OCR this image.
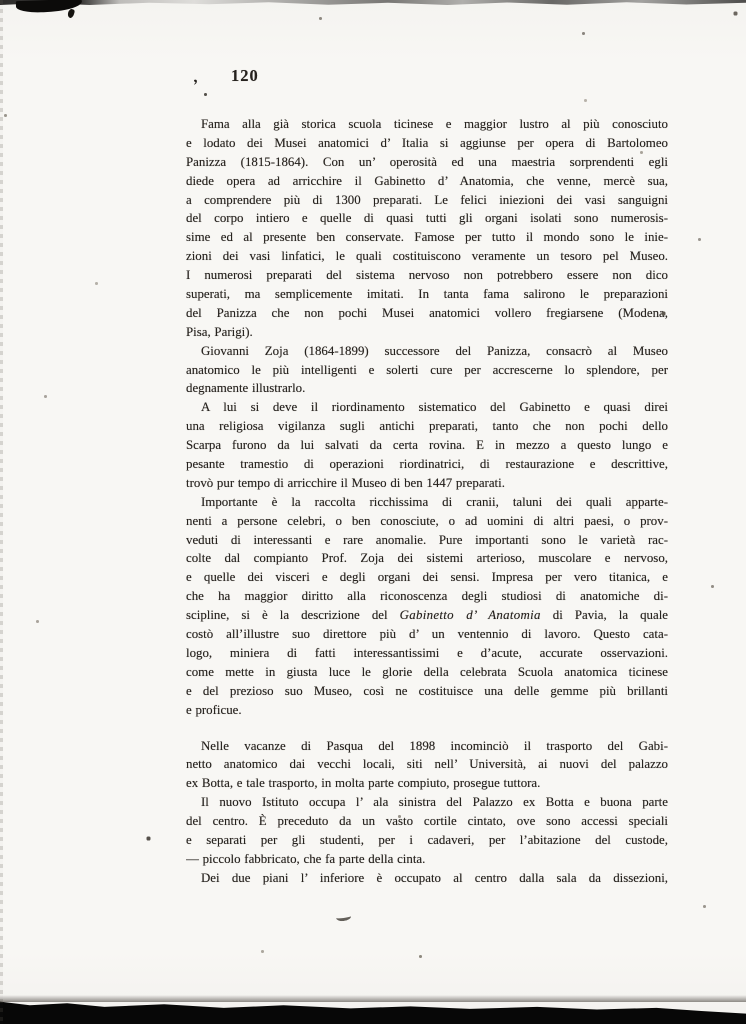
120
,
Fama alla già storica scuola ticinese e maggior lustro al più conosciuto
e lodato dei Musei anatomici d’ Italia si aggiunse per opera di Bartolomeo
Panizza (1815-1864). Con un’ operosità ed una maestria sorprendenti egli
diede opera ad arricchire il Gabinetto d’ Anatomia, che venne, mercè sua,
a comprendere più di 1300 preparati. Le felici iniezioni dei vasi sanguigni
del corpo intiero e quelle di quasi tutti gli organi isolati sono numerosis-
sime ed al presente ben conservate. Famose per tutto il mondo sono le inie-
zioni dei vasi linfatici, le quali costituiscono veramente un tesoro pel Museo.
I numerosi preparati del sistema nervoso non potrebbero essere non dico
superati, ma semplicemente imitati. In tanta fama salirono le preparazioni
del Panizza che non pochi Musei anatomici vollero fregiarsene (Modena,
Pisa, Parigi).
Giovanni Zoja (1864-1899) successore del Panizza, consacrò al Museo
anatomico le più intelligenti e solerti cure per accrescerne lo splendore, per
degnamente illustrarlo.
A lui si deve il riordinamento sistematico del Gabinetto e quasi direi
una religiosa vigilanza sugli antichi preparati, tanto che non pochi dello
Scarpa furono da lui salvati da certa rovina. E in mezzo a questo lungo e
pesante tramestio di operazioni riordinatrici, di restaurazione e descrittive,
trovò pur tempo di arricchire il Museo di ben 1447 preparati.
Importante è la raccolta ricchissima di cranii, taluni dei quali apparte-
nenti a persone celebri, o ben conosciute, o ad uomini di altri paesi, o prov-
veduti di interessanti e rare anomalie. Pure importanti sono le varietà rac-
colte dal compianto Prof. Zoja dei sistemi arterioso, muscolare e nervoso,
e quelle dei visceri e degli organi dei sensi. Impresa per vero titanica, e
che ha maggior diritto alla riconoscenza degli studiosi di anatomiche di-
scipline, si è la descrizione del Gabinetto d’ Anatomia di Pavia, la quale
costò all’illustre suo direttore più d’ un ventennio di lavoro. Questo cata-
logo, miniera di fatti interessantissimi e d’acute, accurate osservazioni.
come mette in giusta luce le glorie della celebrata Scuola anatomica ticinese
e del prezioso suo Museo, così ne costituisce una delle gemme più brillanti
e proficue.
Nelle vacanze di Pasqua del 1898 incominciò il trasporto del Gabi-
netto anatomico dai vecchi locali, siti nell’ Università, ai nuovi del palazzo
ex Botta, e tale trasporto, in molta parte compiuto, prosegue tuttora.
Il nuovo Istituto occupa l’ ala sinistra del Palazzo ex Botta e buona parte
del centro. È preceduto da un vasto cortile cintato, ove sono accessi speciali
e separati per gli studenti, per i cadaveri, per l’abitazione del custode,
— piccolo fabbricato, che fa parte della cinta.
Dei due piani l’ inferiore è occupato al centro dalla sala da dissezioni,
